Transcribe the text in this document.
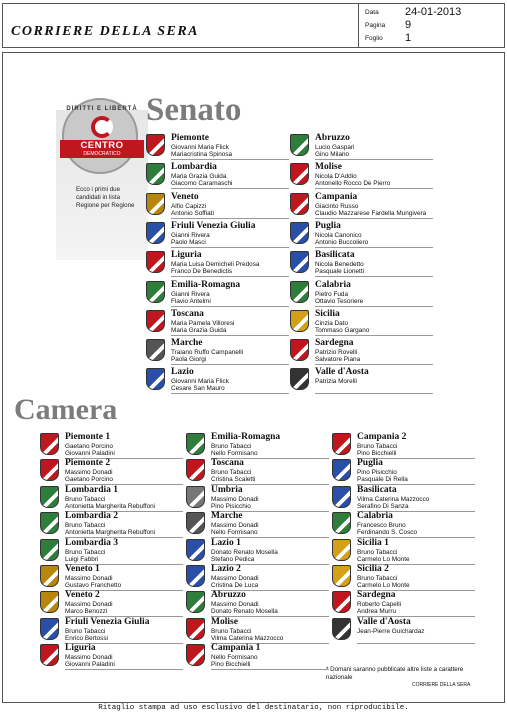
CORRIERE DELLA SERA
Data 24-01-2013
Pagina 9
Foglio 1
DIRITTI E LIBERTÀ
CENTRO
DEMOCRATICO
Ecco i primi due candidati in lista Regione per Regione
Senato
Piemonte
Giovanni Maria Flick
Mariacristina Spinosa
Lombardia
Maria Grazia Guida
Giacomo Caramaschi
Veneto
Alfio Capizzi
Antonio Soffiati
Friuli Venezia Giulia
Gianni Rivera
Paolo Masci
Liguria
Maria Luisa Demicheli Predosa
Franco De Benedictis
Emilia-Romagna
Gianni Rivera
Flavio Antelmi
Toscana
Maria Pamela Villoresi
Maria Grazia Guida
Marche
Traiano Ruffo Campanelli
Paola Giorgi
Lazio
Giovanni Maria Flick
Cesare San Mauro
Abruzzo
Lucio Gaspari
Gino Milano
Molise
Nicola D'Addio
Antonello Rocco De Pierro
Campania
Giacinto Russo
Claudio Mazzarese Fardella Mungivera
Puglia
Nicola Canonico
Antonio Buccoliero
Basilicata
Nicola Benedetto
Pasquale Lionetti
Calabria
Pietro Fuda
Ottavio Tesoriere
Sicilia
Cinzia Dato
Tommaso Gargano
Sardegna
Patrizio Rovelli
Salvatore Piana
Valle d'Aosta
Patrizia Morelli
Camera
Piemonte 1
Gaetano Porcino
Giovanni Paladini
Piemonte 2
Massimo Donadi
Gaetano Porcino
Lombardia 1
Bruno Tabacci
Antonietta Margherita Rebuffoni
Lombardia 2
Bruno Tabacci
Antonietta Margherita Rebuffoni
Lombardia 3
Bruno Tabacci
Luigi Fabbri
Veneto 1
Massimo Donadi
Gustavo Franchetto
Veneto 2
Massimo Donadi
Marco Benozzi
Friuli Venezia Giulia
Bruno Tabacci
Enrico Bertossi
Liguria
Massimo Donadi
Giovanni Paladini
Emilia-Romagna
Bruno Tabacci
Nello Formisano
Toscana
Bruno Tabacci
Cristina Scaletti
Umbria
Massimo Donadi
Pino Pisicchio
Marche
Massimo Donadi
Nello Formisano
Lazio 1
Donato Renato Mosella
Stefano Pedica
Lazio 2
Massimo Donadi
Cristina De Luca
Abruzzo
Massimo Donadi
Donato Renato Mosella
Molise
Bruno Tabacci
Vilma Caterina Mazzocco
Campania 1
Nello Formisano
Pino Bicchielli
Campania 2
Bruno Tabacci
Pino Bicchielli
Puglia
Pino Pisicchio
Pasquale Di Rella
Basilicata
Vilma Caterina Mazzocco
Serafino Di Sanza
Calabria
Francesco Bruno
Ferdinando S. Cosco
Sicilia 1
Bruno Tabacci
Carmelo Lo Monte
Sicilia 2
Bruno Tabacci
Carmelo Lo Monte
Sardegna
Roberto Capelli
Andrea Murru
Valle d'Aosta
Jean-Pierre Guichardaz
* Domani saranno pubblicate altre liste a carattere nazionale
CORRIERE DELLA SERA
Ritaglio stampa ad uso esclusivo del destinatario, non riproducibile.
